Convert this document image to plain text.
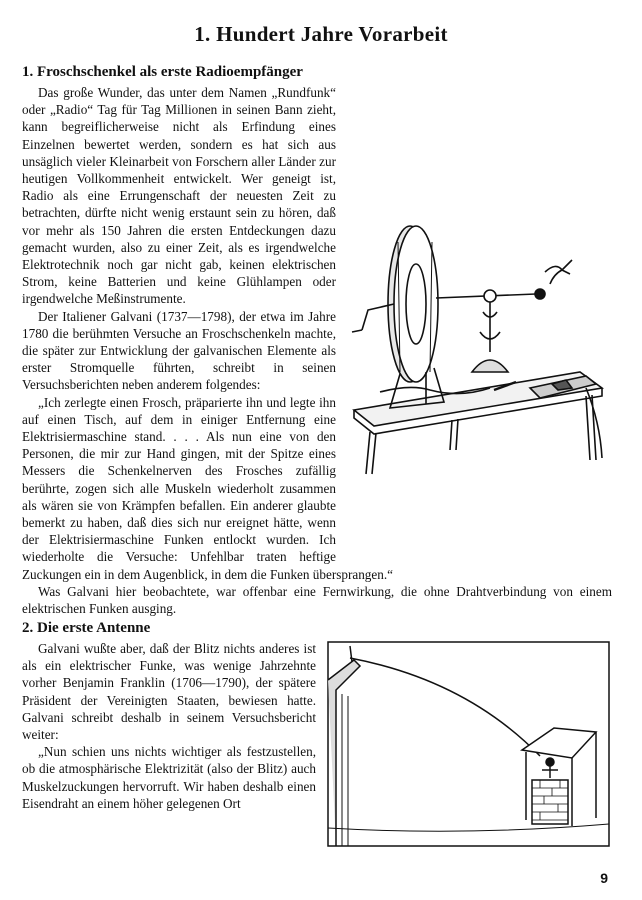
1. Hundert Jahre Vorarbeit
1. Froschschenkel als erste Radioempfänger

Das große Wunder, das unter dem Namen „Rundfunk“ oder „Radio“ Tag für Tag Millionen in seinen Bann zieht, kann begreiflicherweise nicht als Erfindung eines Einzelnen bewertet werden, sondern es hat sich aus unsäglich vieler Kleinarbeit von Forschern aller Länder zur heutigen Vollkommenheit entwickelt. Wer geneigt ist, Radio als eine Errungenschaft der neuesten Zeit zu betrachten, dürfte nicht wenig erstaunt sein zu hören, daß vor mehr als 150 Jahren die ersten Entdeckungen dazu gemacht wurden, also zu einer Zeit, als es irgendwelche Elektrotechnik noch gar nicht gab, keinen elektrischen Strom, keine Batterien und keine Glühlampen oder irgendwelche Meßinstrumente.

Der Italiener Galvani (1737—1798), der etwa im Jahre 1780 die berühmten Versuche an Froschschenkeln machte, die später zur Entwicklung der galvanischen Elemente als erster Stromquelle führten, schreibt in seinen Versuchsberichten neben anderem folgendes:

„Ich zerlegte einen Frosch, präparierte ihn und legte ihn auf einen Tisch, auf dem in einiger Entfernung eine Elektrisiermaschine stand. . . . Als nun eine von den Personen, die mir zur Hand gingen, mit der Spitze eines Messers die Schenkelnerven des Frosches zufällig berührte, zogen sich alle Muskeln wiederholt zusammen als wären sie von Krämpfen befallen. Ein anderer glaubte bemerkt zu haben, daß dies sich nur ereignet hätte, wenn der Elektrisiermaschine Funken entlockt wurden. Ich wiederholte die Versuche: Unfehlbar traten heftige Zuckungen ein in dem Augenblick, in dem die Funken übersprangen.“

Was Galvani hier beobachtete, war offenbar eine Fernwirkung, die ohne Drahtverbindung von einem elektrischen Funken ausging.

2. Die erste Antenne

Galvani wußte aber, daß der Blitz nichts anderes ist als ein elektrischer Funke, was wenige Jahrzehnte vorher Benjamin Franklin (1706—1790), der spätere Präsident der Vereinigten Staaten, bewiesen hatte. Galvani schreibt deshalb in seinem Versuchsbericht weiter:

„Nun schien uns nichts wichtiger als festzustellen, ob die atmosphärische Elektrizität (also der Blitz) auch Muskelzuckungen hervorruft. Wir haben deshalb einen Eisendraht an einem höher gelegenen Ort

9
